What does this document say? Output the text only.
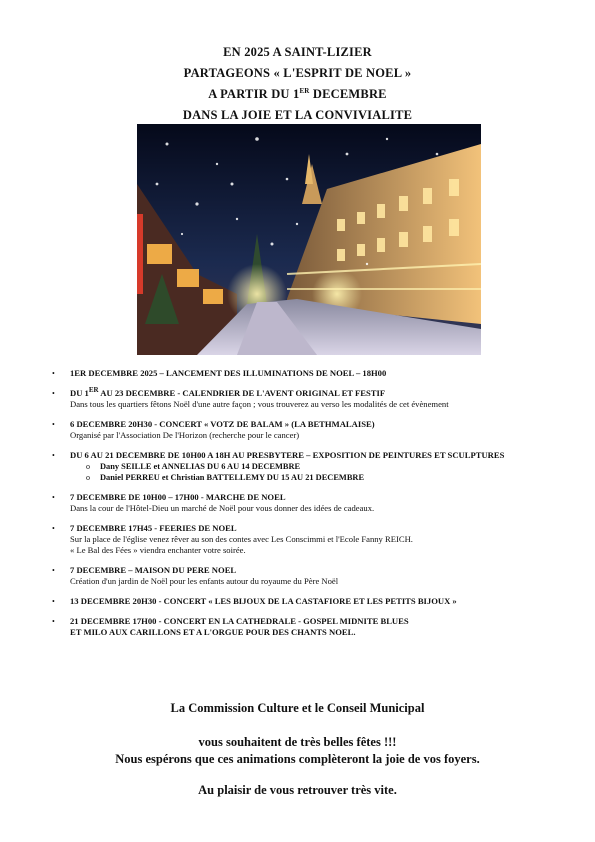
EN 2025 A SAINT-LIZIER
PARTAGEONS « L'ESPRIT DE NOEL »
A PARTIR DU 1ER DECEMBRE
DANS LA JOIE ET LA CONVIVIALITE
• 1ER DECEMBRE 2025 – LANCEMENT DES ILLUMINATIONS DE NOEL – 18H00
• DU 1ER AU 23 DECEMBRE - CALENDRIER DE L'AVENT ORIGINAL ET FESTIF
Dans tous les quartiers fêtons Noël d'une autre façon ; vous trouverez au verso les modalités de cet évènement
• 6 DECEMBRE 20H30 - CONCERT « VOTZ DE BALAM » (LA BETHMALAISE)
Organisé par l'Association De l'Horizon (recherche pour le cancer)
• DU 6 AU 21 DECEMBRE DE 10H00 A 18H AU PRESBYTERE – EXPOSITION DE PEINTURES ET SCULPTURES
o Dany SEILLE et ANNELIAS DU 6 AU 14 DECEMBRE
o Daniel PERREU et Christian BATTELLEMY DU 15 AU 21 DECEMBRE
• 7 DECEMBRE DE 10H00 – 17H00 - MARCHE DE NOEL
Dans la cour de l'Hôtel-Dieu un marché de Noël pour vous donner des idées de cadeaux.
• 7 DECEMBRE 17H45 - FEERIES DE NOEL
Sur la place de l'église venez rêver au son des contes avec Les Conscimmi et l'Ecole Fanny REICH.
« Le Bal des Fées » viendra enchanter votre soirée.
• 7 DECEMBRE – MAISON DU PERE NOEL
Création d'un jardin de Noël pour les enfants autour du royaume du Père Noël
• 13 DECEMBRE 20H30 - CONCERT « LES BIJOUX DE LA CASTAFIORE ET LES PETITS BIJOUX »
• 21 DECEMBRE 17H00 - CONCERT EN LA CATHEDRALE - GOSPEL MIDNITE BLUES
ET MILO AUX CARILLONS ET A L'ORGUE POUR DES CHANTS NOEL.
La Commission Culture et le Conseil Municipal
vous souhaitent de très belles fêtes !!!
Nous espérons que ces animations complèteront la joie de vos foyers.
Au plaisir de vous retrouver très vite.
